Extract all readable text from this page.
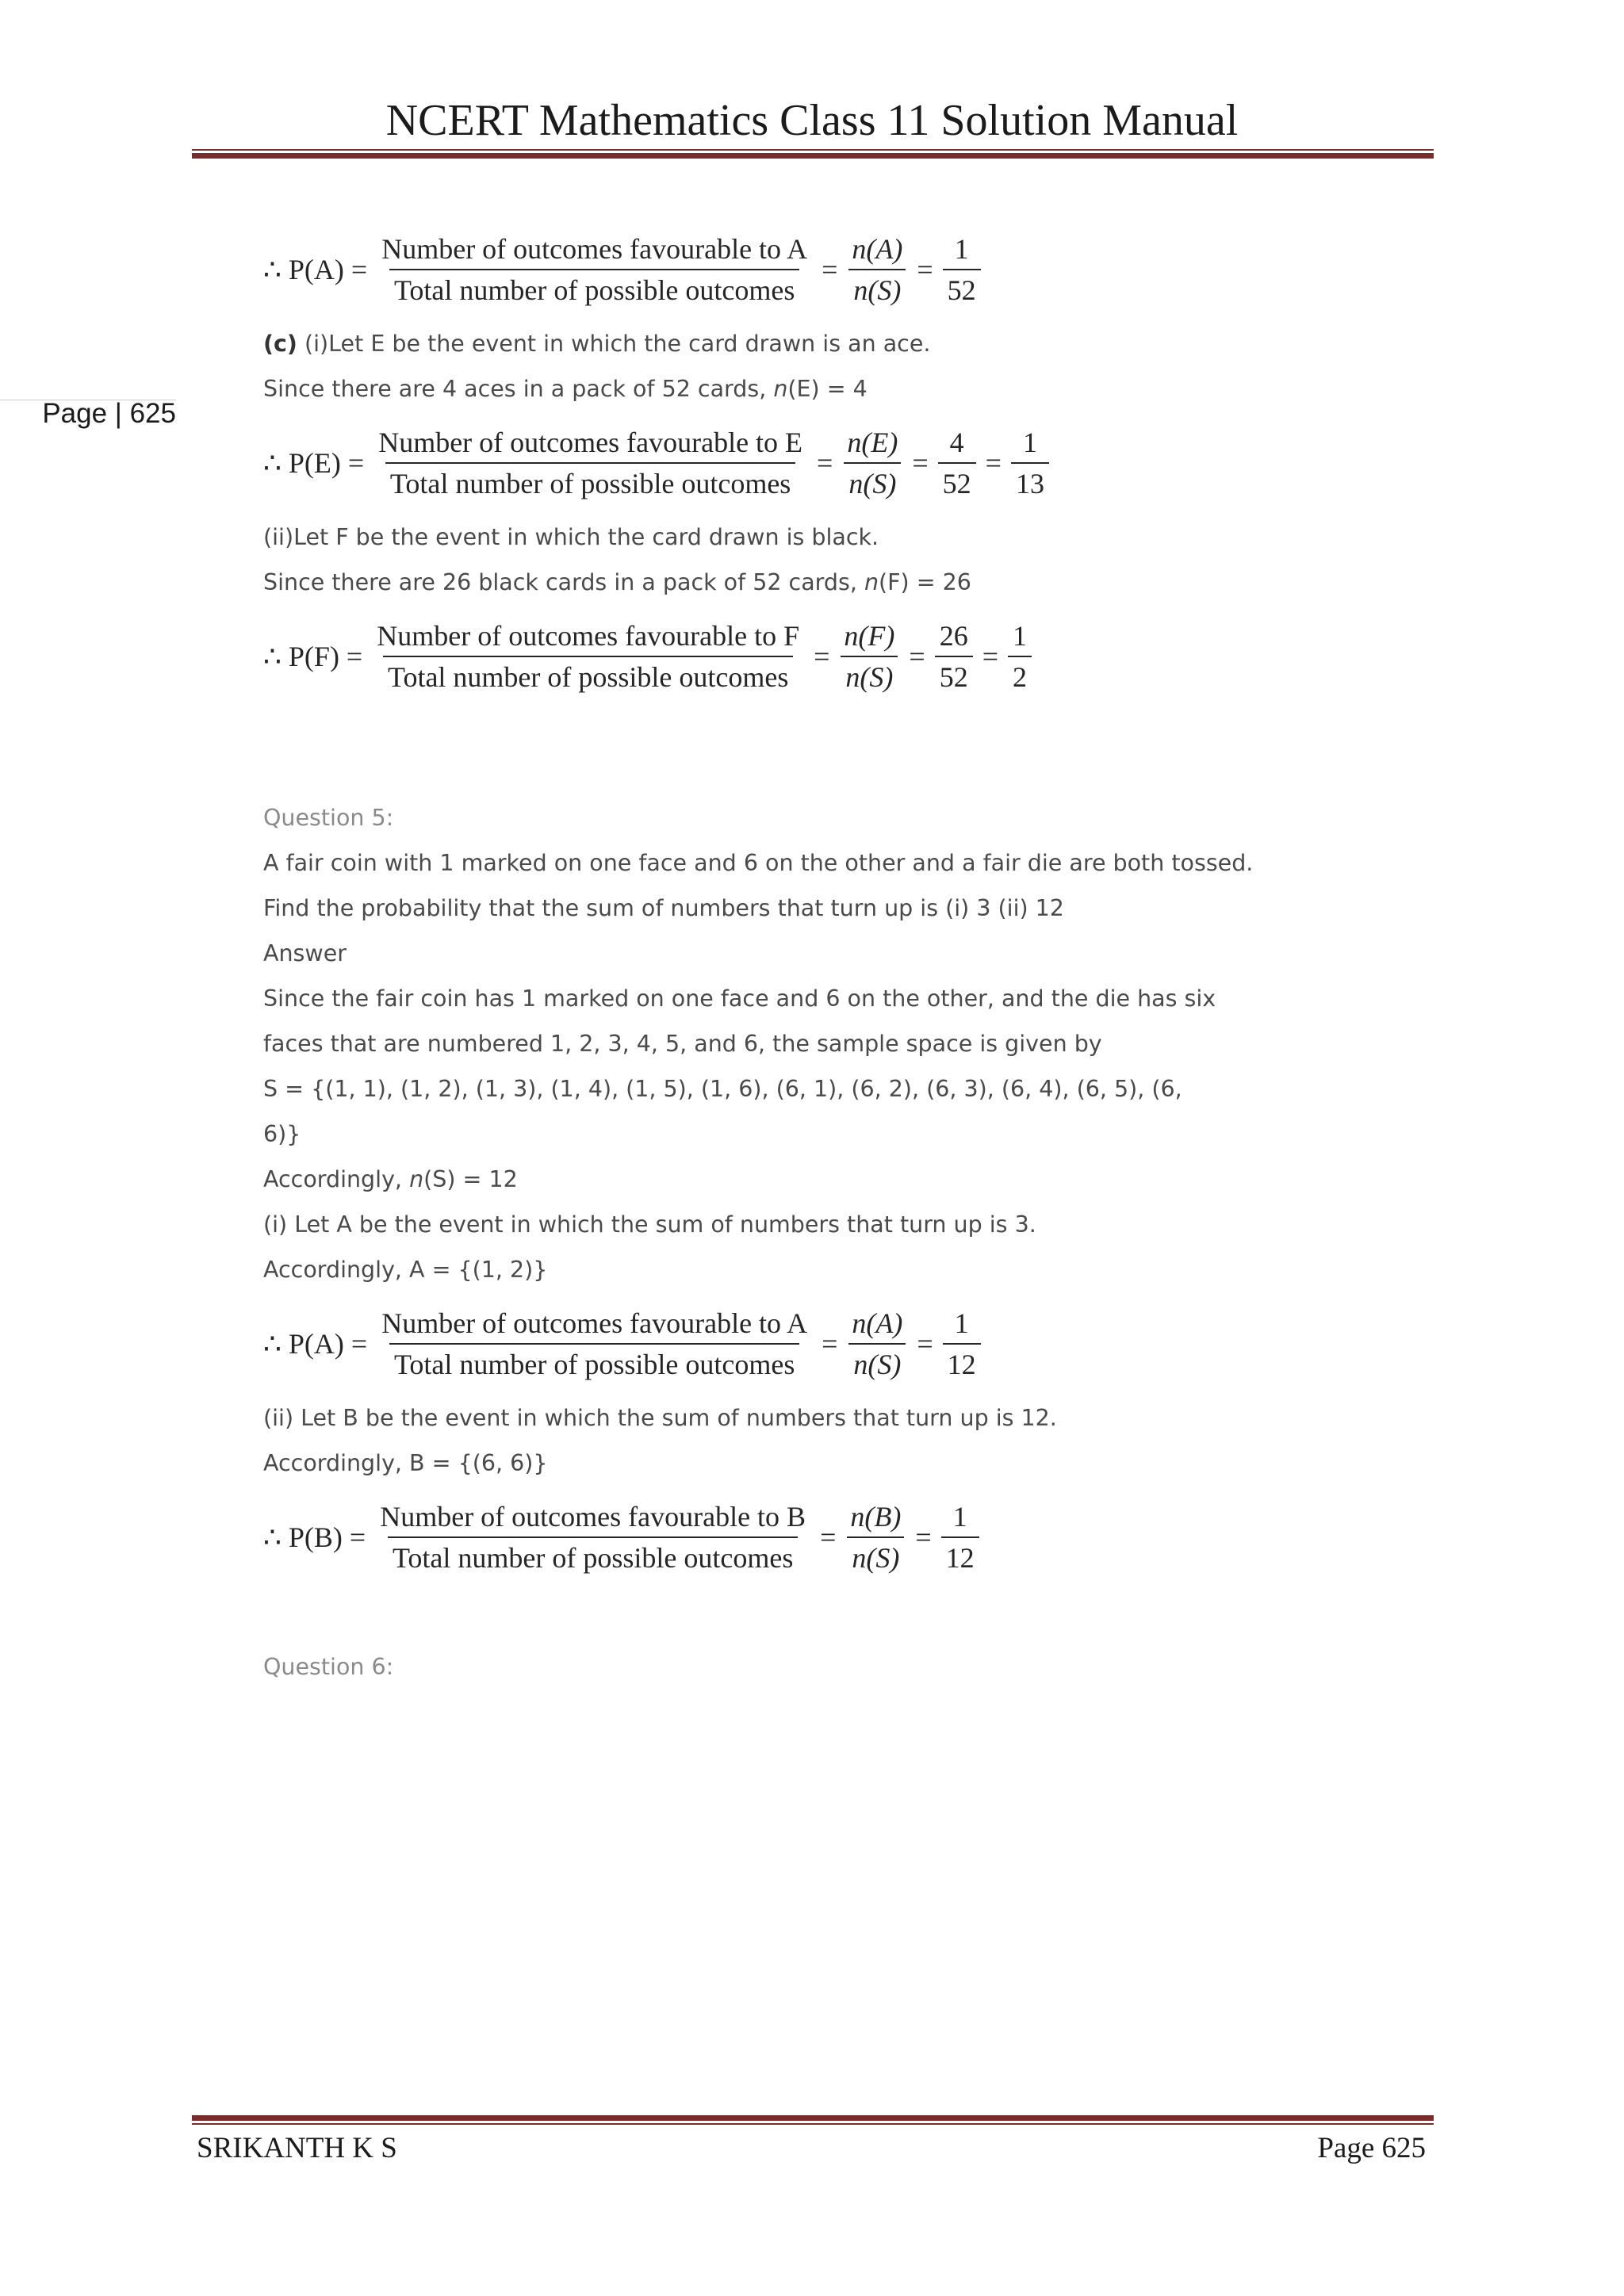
NCERT Mathematics Class 11 Solution Manual
Page | 625
∴ $P(A) = \frac{\text{Number of outcomes favourable to A}}{\text{Total number of possible outcomes}} = \frac{n(A)}{n(S)} = \frac{1}{52}$
(c) (i)Let E be the event in which the card drawn is an ace.
Since there are 4 aces in a pack of 52 cards, n(E) = 4
∴ $P(E) = \frac{\text{Number of outcomes favourable to E}}{\text{Total number of possible outcomes}} = \frac{n(E)}{n(S)} = \frac{4}{52} = \frac{1}{13}$
(ii)Let F be the event in which the card drawn is black.
Since there are 26 black cards in a pack of 52 cards, n(F) = 26
∴ $P(F) = \frac{\text{Number of outcomes favourable to F}}{\text{Total number of possible outcomes}} = \frac{n(F)}{n(S)} = \frac{26}{52} = \frac{1}{2}$
Question 5:
A fair coin with 1 marked on one face and 6 on the other and a fair die are both tossed.
Find the probability that the sum of numbers that turn up is (i) 3 (ii) 12
Answer
Since the fair coin has 1 marked on one face and 6 on the other, and the die has six
faces that are numbered 1, 2, 3, 4, 5, and 6, the sample space is given by
S = {(1, 1), (1, 2), (1, 3), (1, 4), (1, 5), (1, 6), (6, 1), (6, 2), (6, 3), (6, 4), (6, 5), (6,
6)}
Accordingly, n(S) = 12
(i) Let A be the event in which the sum of numbers that turn up is 3.
Accordingly, A = {(1, 2)}
∴ $P(A) = \frac{\text{Number of outcomes favourable to A}}{\text{Total number of possible outcomes}} = \frac{n(A)}{n(S)} = \frac{1}{12}$
(ii) Let B be the event in which the sum of numbers that turn up is 12.
Accordingly, B = {(6, 6)}
∴ $P(B) = \frac{\text{Number of outcomes favourable to B}}{\text{Total number of possible outcomes}} = \frac{n(B)}{n(S)} = \frac{1}{12}$
Question 6:
SRIKANTH K S	Page 625
